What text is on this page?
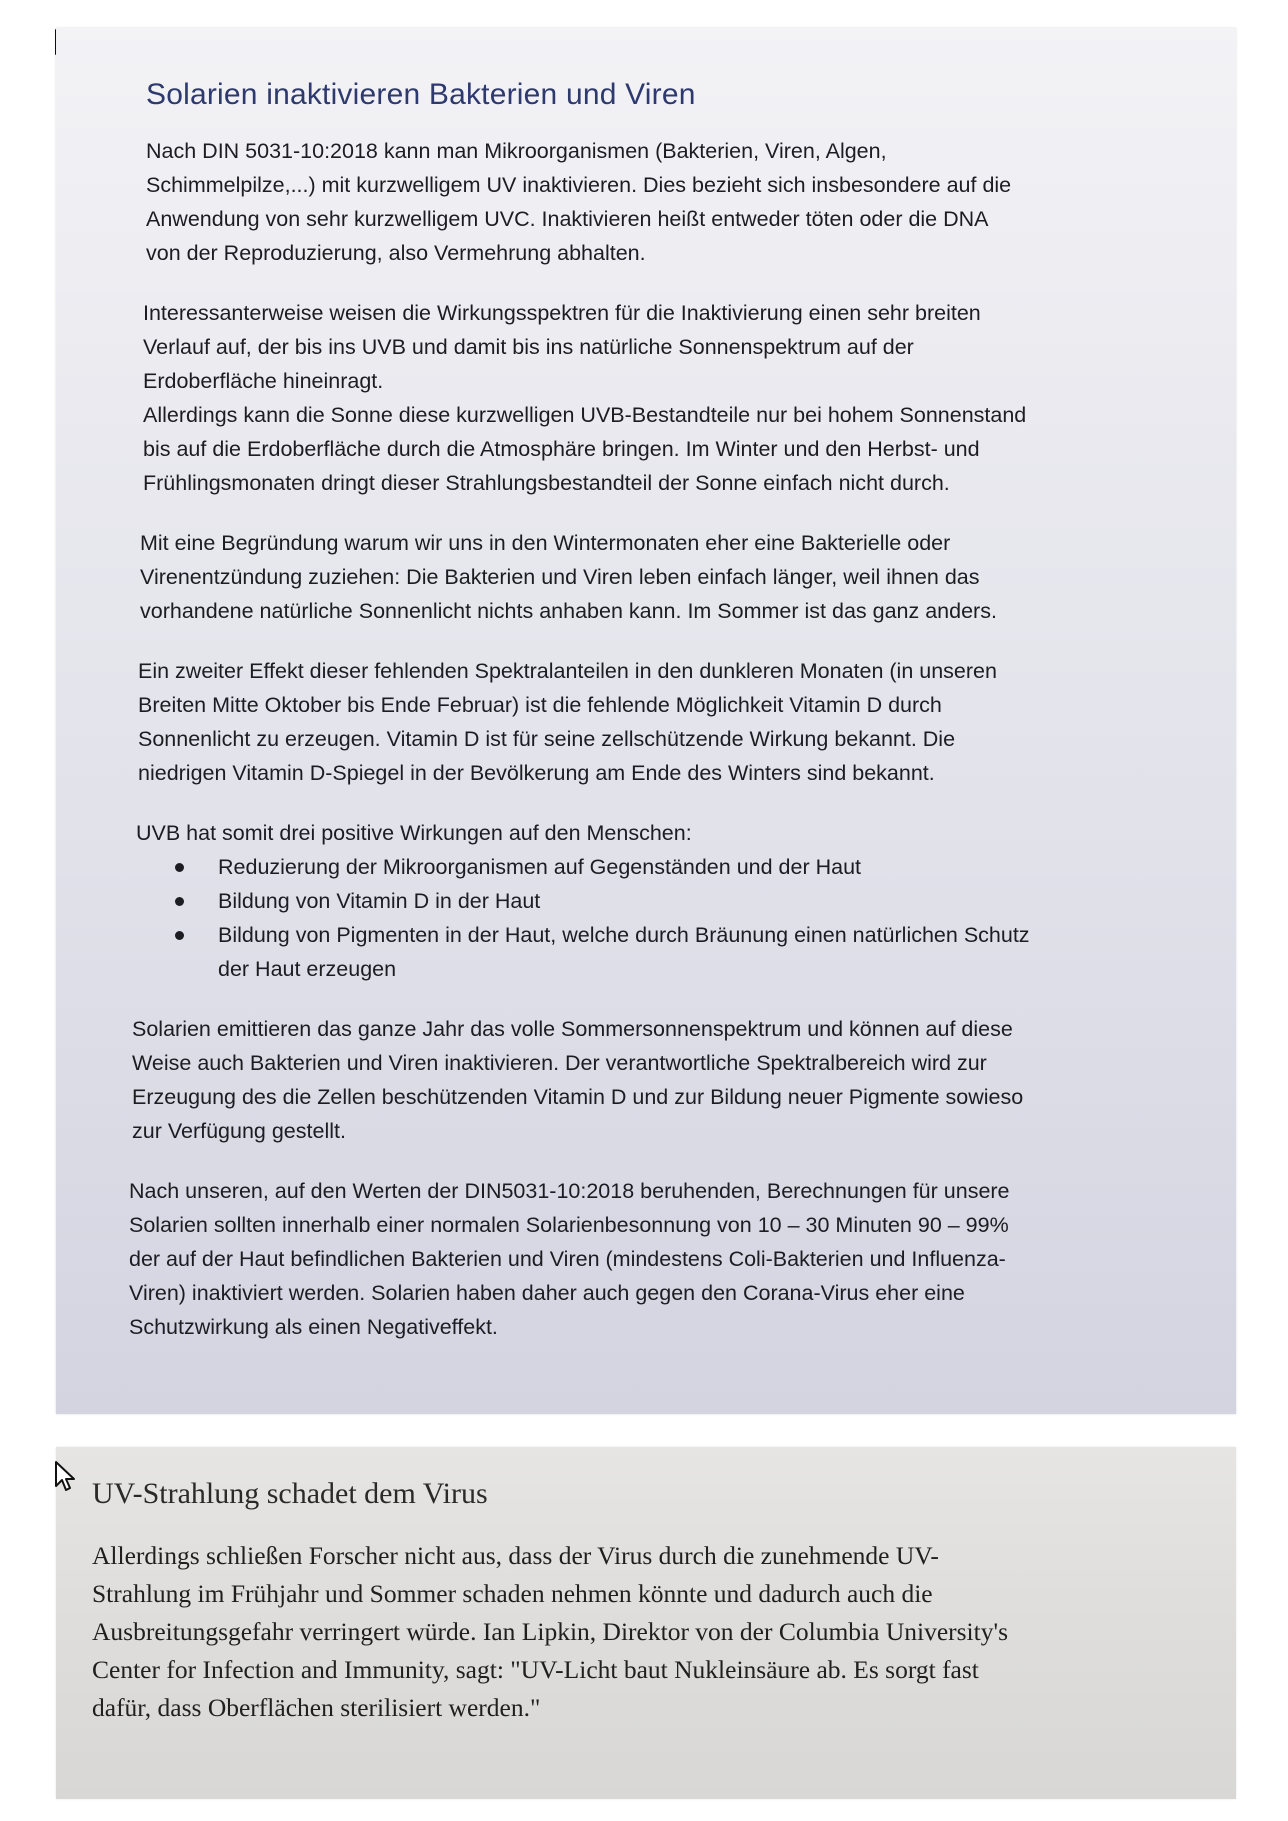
Solarien inaktivieren Bakterien und Viren
Nach DIN 5031-10:2018 kann man Mikroorganismen (Bakterien, Viren, Algen,
Schimmelpilze,...) mit kurzwelligem UV inaktivieren. Dies bezieht sich insbesondere auf die
Anwendung von sehr kurzwelligem UVC. Inaktivieren heißt entweder töten oder die DNA
von der Reproduzierung, also Vermehrung abhalten.
Interessanterweise weisen die Wirkungsspektren für die Inaktivierung einen sehr breiten
Verlauf auf, der bis ins UVB und damit bis ins natürliche Sonnenspektrum auf der
Erdoberfläche hineinragt.
Allerdings kann die Sonne diese kurzwelligen UVB-Bestandteile nur bei hohem Sonnenstand
bis auf die Erdoberfläche durch die Atmosphäre bringen. Im Winter und den Herbst- und
Frühlingsmonaten dringt dieser Strahlungsbestandteil der Sonne einfach nicht durch.
Mit eine Begründung warum wir uns in den Wintermonaten eher eine Bakterielle oder
Virenentzündung zuziehen: Die Bakterien und Viren leben einfach länger, weil ihnen das
vorhandene natürliche Sonnenlicht nichts anhaben kann. Im Sommer ist das ganz anders.
Ein zweiter Effekt dieser fehlenden Spektralanteilen in den dunkleren Monaten (in unseren
Breiten Mitte Oktober bis Ende Februar) ist die fehlende Möglichkeit Vitamin D durch
Sonnenlicht zu erzeugen. Vitamin D ist für seine zellschützende Wirkung bekannt. Die
niedrigen Vitamin D-Spiegel in der Bevölkerung am Ende des Winters sind bekannt.
UVB hat somit drei positive Wirkungen auf den Menschen:
Reduzierung der Mikroorganismen auf Gegenständen und der Haut
Bildung von Vitamin D in der Haut
Bildung von Pigmenten in der Haut, welche durch Bräunung einen natürlichen Schutz
der Haut erzeugen
Solarien emittieren das ganze Jahr das volle Sommersonnenspektrum und können auf diese
Weise auch Bakterien und Viren inaktivieren. Der verantwortliche Spektralbereich wird zur
Erzeugung des die Zellen beschützenden Vitamin D und zur Bildung neuer Pigmente sowieso
zur Verfügung gestellt.
Nach unseren, auf den Werten der DIN5031-10:2018 beruhenden, Berechnungen für unsere
Solarien sollten innerhalb einer normalen Solarienbesonnung von 10 – 30 Minuten 90 – 99%
der auf der Haut befindlichen Bakterien und Viren (mindestens Coli-Bakterien und Influenza-
Viren) inaktiviert werden. Solarien haben daher auch gegen den Corana-Virus eher eine
Schutzwirkung als einen Negativeffekt.
UV-Strahlung schadet dem Virus
Allerdings schließen Forscher nicht aus, dass der Virus durch die zunehmende UV-
Strahlung im Frühjahr und Sommer schaden nehmen könnte und dadurch auch die
Ausbreitungsgefahr verringert würde. Ian Lipkin, Direktor von der Columbia University's
Center for Infection and Immunity, sagt: "UV-Licht baut Nukleinsäure ab. Es sorgt fast
dafür, dass Oberflächen sterilisiert werden."
